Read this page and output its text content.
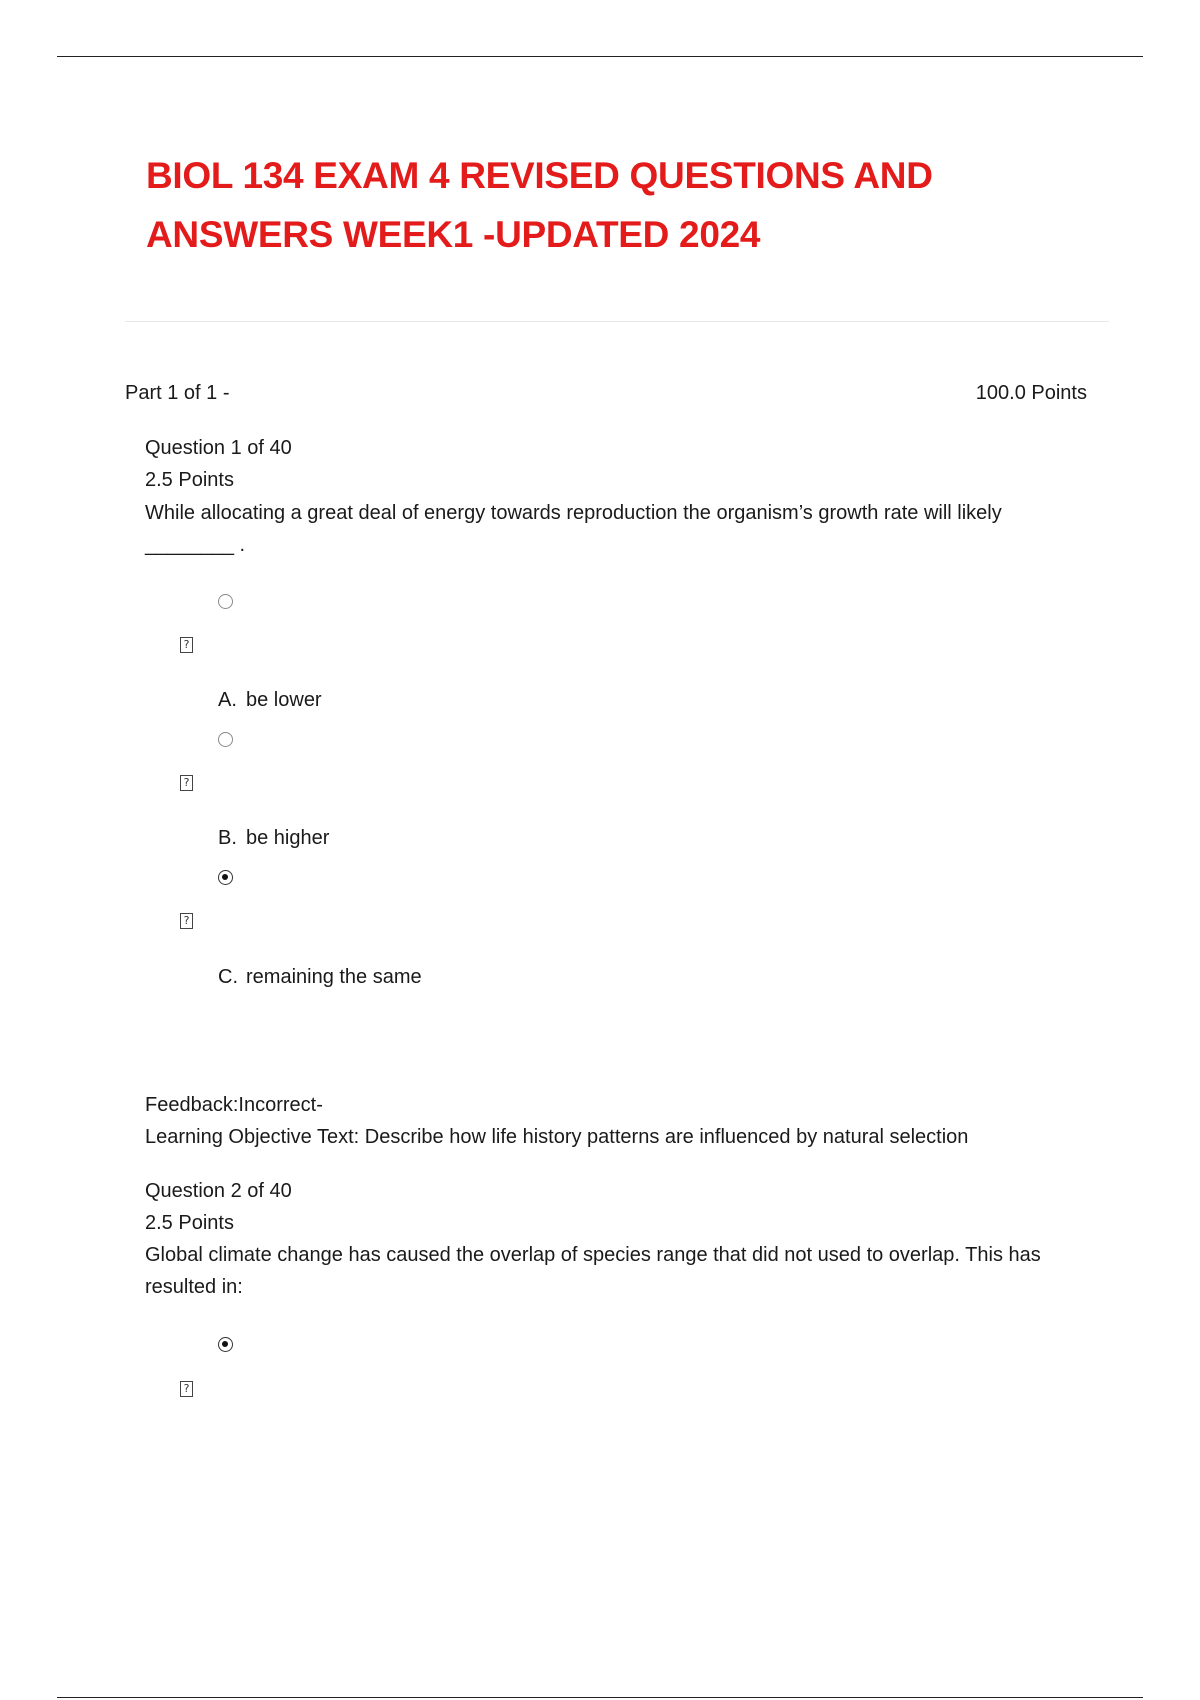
BIOL 134 EXAM 4 REVISED QUESTIONS AND ANSWERS WEEK1 -UPDATED 2024
Part 1 of 1 -	100.0 Points
Question 1 of 40
2.5 Points
While allocating a great deal of energy towards reproduction the organism’s growth rate will likely ________ .
?
A. be lower
?
B. be higher
?
C. remaining the same
Feedback:Incorrect-
Learning Objective Text: Describe how life history patterns are influenced by natural selection
Question 2 of 40
2.5 Points
Global climate change has caused the overlap of species range that did not used to overlap. This has resulted in:
?
